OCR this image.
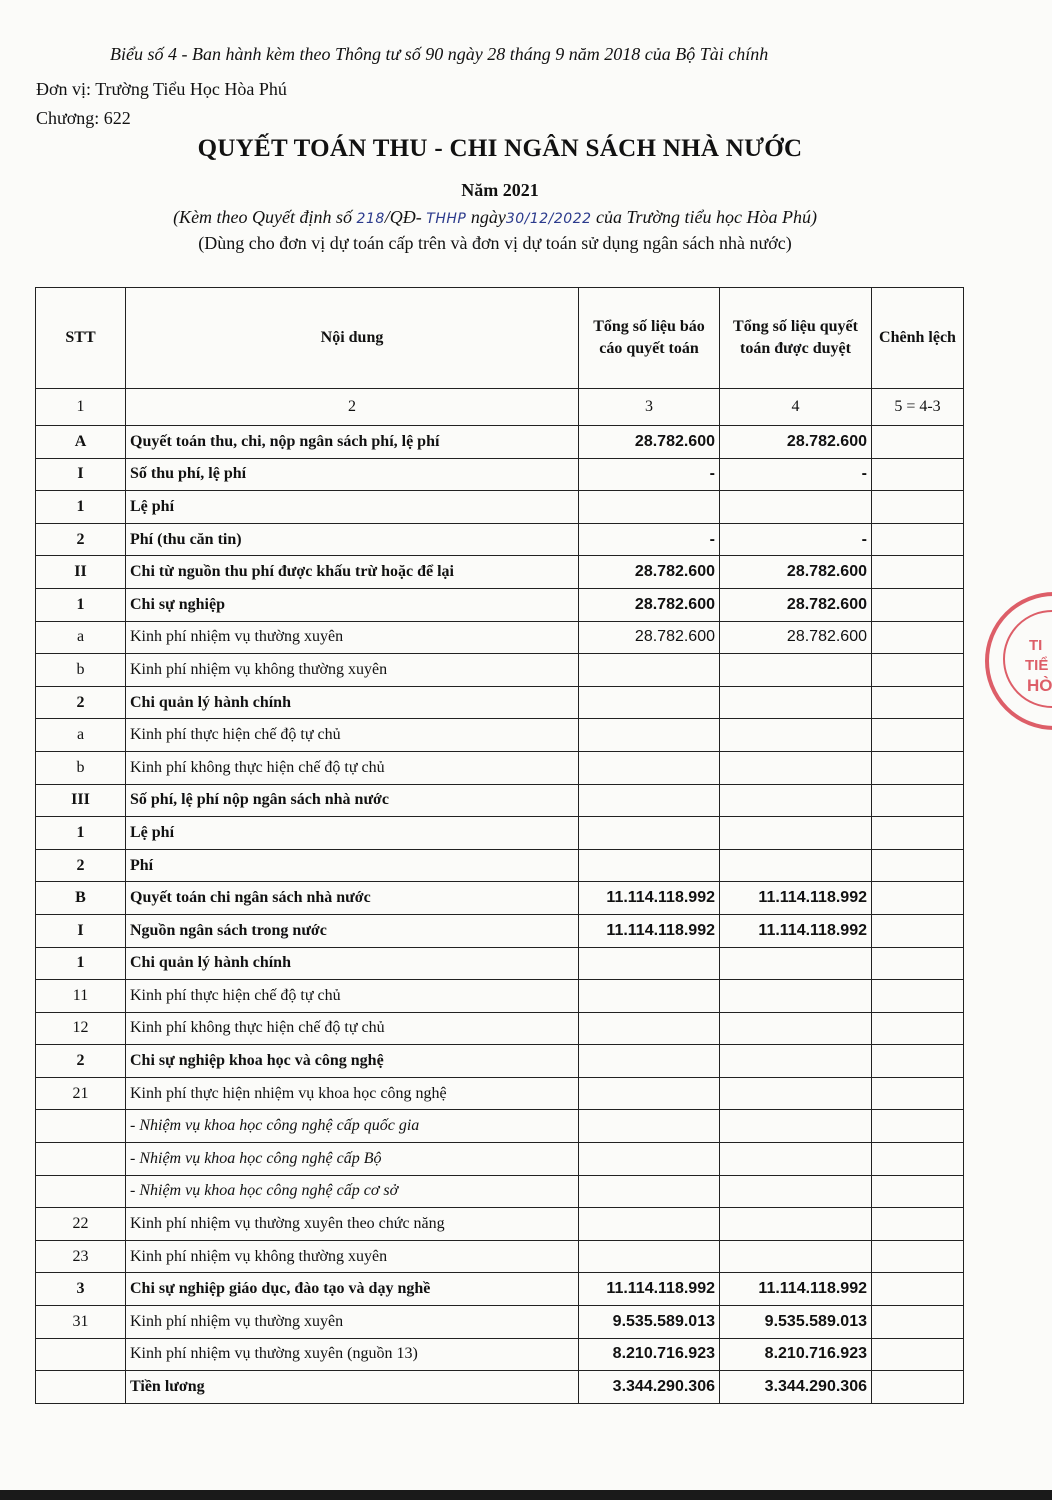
Biểu số 4 - Ban hành kèm theo Thông tư số 90 ngày 28 tháng 9 năm 2018 của Bộ Tài chính
Đơn vị: Trường Tiểu Học Hòa Phú
Chương: 622
QUYẾT TOÁN THU - CHI NGÂN SÁCH NHÀ NƯỚC
Năm 2021
(Kèm theo Quyết định số 218/QĐ- THHP ngày30/12/2022 của Trường tiểu học Hòa Phú)
(Dùng cho đơn vị dự toán cấp trên và đơn vị dự toán sử dụng ngân sách nhà nước)
STT	Nội dung	Tổng số liệu báo cáo quyết toán	Tổng số liệu quyết toán được duyệt	Chênh lệch
1	2	3	4	5 = 4-3
A	Quyết toán thu, chi, nộp ngân sách phí, lệ phí	28.782.600	28.782.600	
I	Số thu phí, lệ phí	-	-	
1	Lệ phí			
2	Phí (thu căn tin)	-	-	
II	Chi từ nguồn thu phí được khấu trừ hoặc để lại	28.782.600	28.782.600	
1	Chi sự nghiệp	28.782.600	28.782.600	
a	Kinh phí nhiệm vụ thường xuyên	28.782.600	28.782.600	
b	Kinh phí nhiệm vụ không thường xuyên			
2	Chi quản lý hành chính			
a	Kinh phí thực hiện chế độ tự chủ			
b	Kinh phí không thực hiện chế độ tự chủ			
III	Số phí, lệ phí nộp ngân sách nhà nước			
1	Lệ phí			
2	Phí			
B	Quyết toán chi ngân sách nhà nước	11.114.118.992	11.114.118.992	
I	Nguồn ngân sách trong nước	11.114.118.992	11.114.118.992	
1	Chi quản lý hành chính			
11	Kinh phí thực hiện chế độ tự chủ			
12	Kinh phí không thực hiện chế độ tự chủ			
2	Chi sự nghiệp khoa học và công nghệ			
21	Kinh phí thực hiện nhiệm vụ khoa học công nghệ			
	- Nhiệm vụ khoa học công nghệ cấp quốc gia			
	- Nhiệm vụ khoa học công nghệ cấp Bộ			
	- Nhiệm vụ khoa học công nghệ cấp cơ sở			
22	Kinh phí nhiệm vụ thường xuyên theo chức năng			
23	Kinh phí nhiệm vụ không thường xuyên			
3	Chi sự nghiệp giáo dục, đào tạo và dạy nghề	11.114.118.992	11.114.118.992	
31	Kinh phí nhiệm vụ thường xuyên	9.535.589.013	9.535.589.013	
	Kinh phí nhiệm vụ thường xuyên (nguồn 13)	8.210.716.923	8.210.716.923	
	Tiền lương	3.344.290.306	3.344.290.306	
TI
TIỂ
HÒ
